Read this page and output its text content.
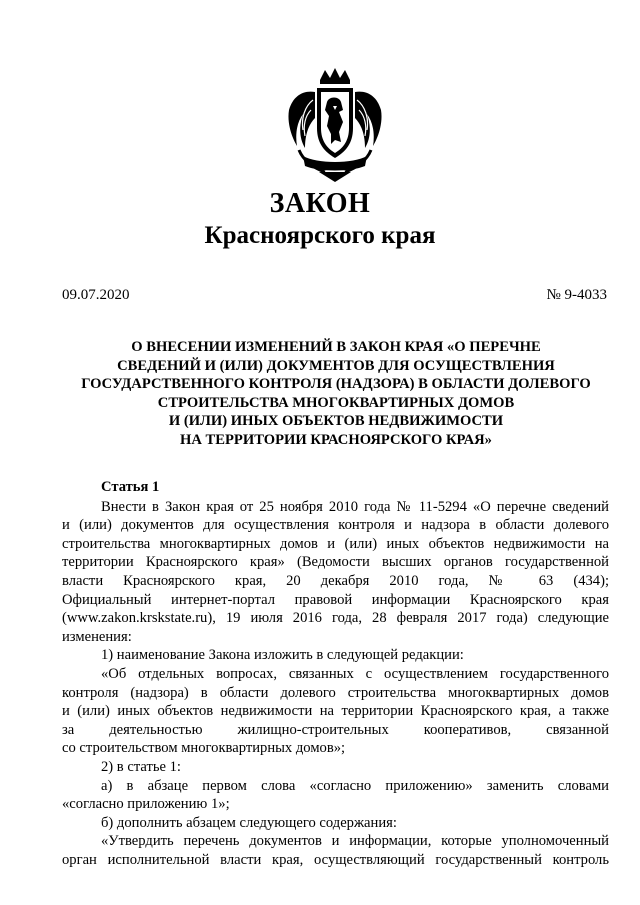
ЗАКОН
Красноярского края
09.07.2020	№ 9-4033
О ВНЕСЕНИИ ИЗМЕНЕНИЙ В ЗАКОН КРАЯ «О ПЕРЕЧНЕ
СВЕДЕНИЙ И (ИЛИ) ДОКУМЕНТОВ ДЛЯ ОСУЩЕСТВЛЕНИЯ
ГОСУДАРСТВЕННОГО КОНТРОЛЯ (НАДЗОРА) В ОБЛАСТИ ДОЛЕВОГО
СТРОИТЕЛЬСТВА МНОГОКВАРТИРНЫХ ДОМОВ
И (ИЛИ) ИНЫХ ОБЪЕКТОВ НЕДВИЖИМОСТИ
НА ТЕРРИТОРИИ КРАСНОЯРСКОГО КРАЯ»
Статья 1
Внести в Закон края от 25 ноября 2010 года № 11-5294 «О перечне сведений
и (или) документов для осуществления контроля и надзора в области долевого
строительства многоквартирных домов и (или) иных объектов недвижимости на
территории Красноярского края» (Ведомости высших органов государственной
власти Красноярского края, 20 декабря 2010 года, № 63 (434);
Официальный интернет-портал правовой информации Красноярского края
(www.zakon.krskstate.ru), 19 июля 2016 года, 28 февраля 2017 года) следующие
изменения:
1) наименование Закона изложить в следующей редакции:
«Об отдельных вопросах, связанных с осуществлением государственного
контроля (надзора) в области долевого строительства многоквартирных домов
и (или) иных объектов недвижимости на территории Красноярского края, а также
за деятельностью жилищно-строительных кооперативов, связанной
со строительством многоквартирных домов»;
2) в статье 1:
а) в абзаце первом слова «согласно приложению» заменить словами
«согласно приложению 1»;
б) дополнить абзацем следующего содержания:
«Утвердить перечень документов и информации, которые уполномоченный
орган исполнительной власти края, осуществляющий государственный контроль
